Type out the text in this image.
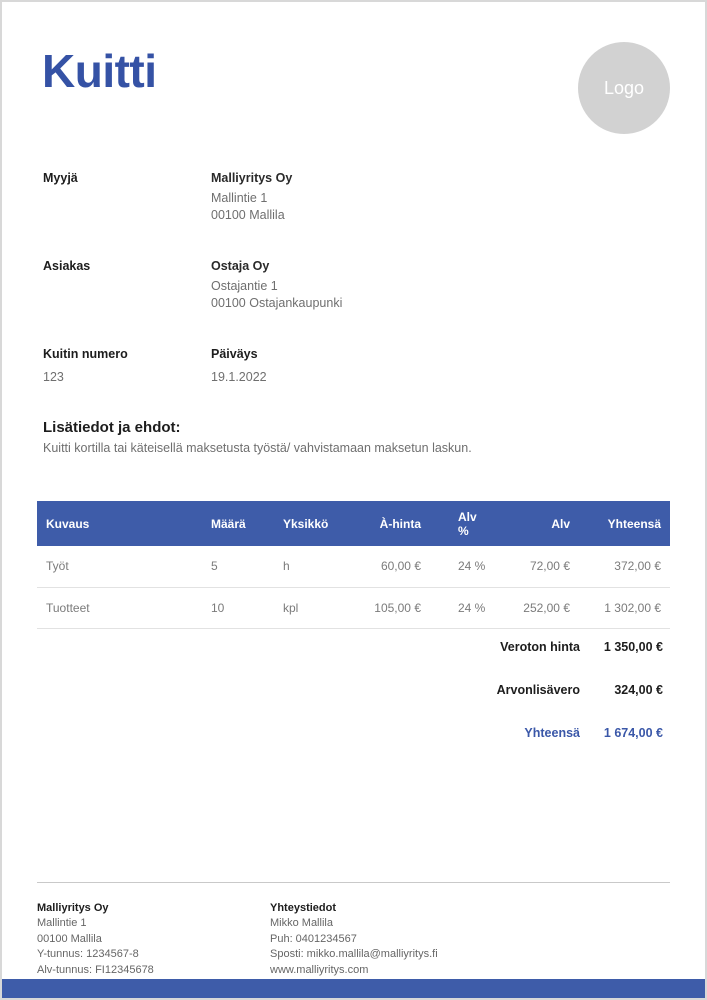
Kuitti	Logo
Myyjä	Malliyritys Oy
Mallintie 1
00100 Mallila
Asiakas	Ostaja Oy
Ostajantie 1
00100 Ostajankaupunki
Kuitin numero
123
Päiväys
19.1.2022
Lisätiedot ja ehdot:
Kuitti kortilla tai käteisellä maksetusta työstä/ vahvistamaan maksetun laskun.
Kuvaus	Määrä	Yksikkö	À-hinta	Alv %	Alv	Yhteensä
Työt	5	h	60,00 €	24 %	72,00 €	372,00 €
Tuotteet	10	kpl	105,00 €	24 %	252,00 €	1 302,00 €
Veroton hinta	1 350,00 €
Arvonlisävero	324,00 €
Yhteensä	1 674,00 €
Malliyritys Oy
Mallintie 1
00100 Mallila
Y-tunnus: 1234567-8
Alv-tunnus: FI12345678
Yhteystiedot
Mikko Mallila
Puh: 0401234567
Sposti: mikko.mallila@malliyritys.fi
www.malliyritys.com
